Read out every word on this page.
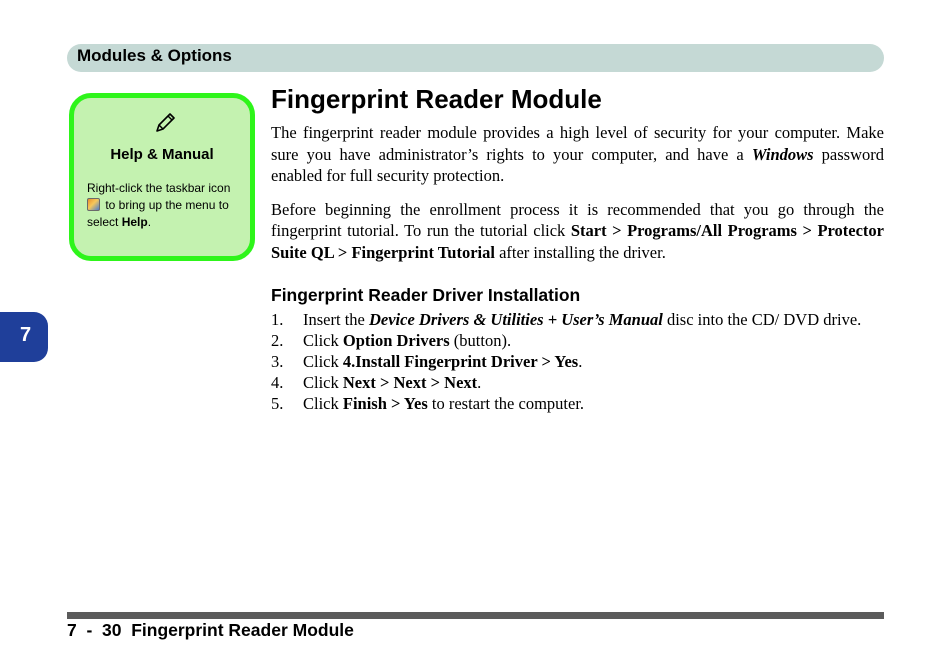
Modules & Options
7
Help & Manual
Right-click the taskbar icon  to bring up the menu to select Help.
Fingerprint Reader Module

The fingerprint reader module provides a high level of security for your computer. Make sure you have administrator’s rights to your computer, and have a Windows password enabled for full security protection.

Before beginning the enrollment process it is recommended that you go through the fingerprint tutorial. To run the tutorial click Start > Programs/All Programs > Protector Suite QL > Fingerprint Tutorial after installing the driver.

Fingerprint Reader Driver Installation
1. Insert the Device Drivers & Utilities + User’s Manual disc into the CD/ DVD drive.
2. Click Option Drivers (button).
3. Click 4.Install Fingerprint Driver > Yes.
4. Click Next > Next > Next.
5. Click Finish > Yes to restart the computer.
7  -  30  Fingerprint Reader Module
